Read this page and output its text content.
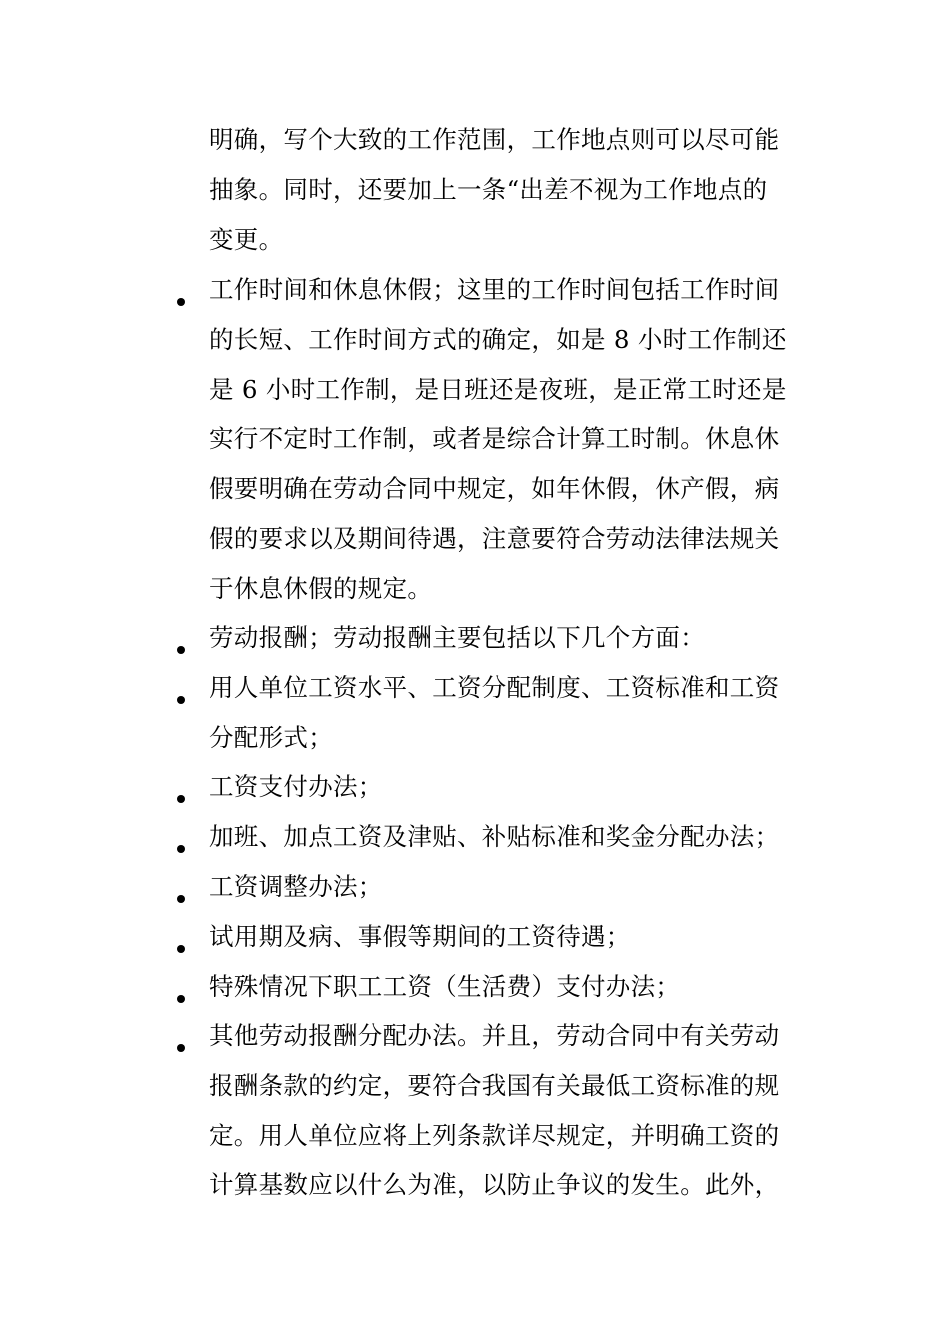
明确，写个大致的工作范围，工作地点则可以尽可能
抽象。同时，还要加上一条“出差不视为工作地点的
变更。
工作时间和休息休假；这里的工作时间包括工作时间
的长短、工作时间方式的确定，如是 8 小时工作制还
是 6 小时工作制，是日班还是夜班，是正常工时还是
实行不定时工作制，或者是综合计算工时制。休息休
假要明确在劳动合同中规定，如年休假，休产假，病
假的要求以及期间待遇，注意要符合劳动法律法规关
于休息休假的规定。
劳动报酬；劳动报酬主要包括以下几个方面：
用人单位工资水平、工资分配制度、工资标准和工资
分配形式；
工资支付办法；
加班、加点工资及津贴、补贴标准和奖金分配办法；
工资调整办法；
试用期及病、事假等期间的工资待遇；
特殊情况下职工工资（生活费）支付办法；
其他劳动报酬分配办法。并且，劳动合同中有关劳动
报酬条款的约定，要符合我国有关最低工资标准的规
定。用人单位应将上列条款详尽规定，并明确工资的
计算基数应以什么为准，以防止争议的发生。此外，
